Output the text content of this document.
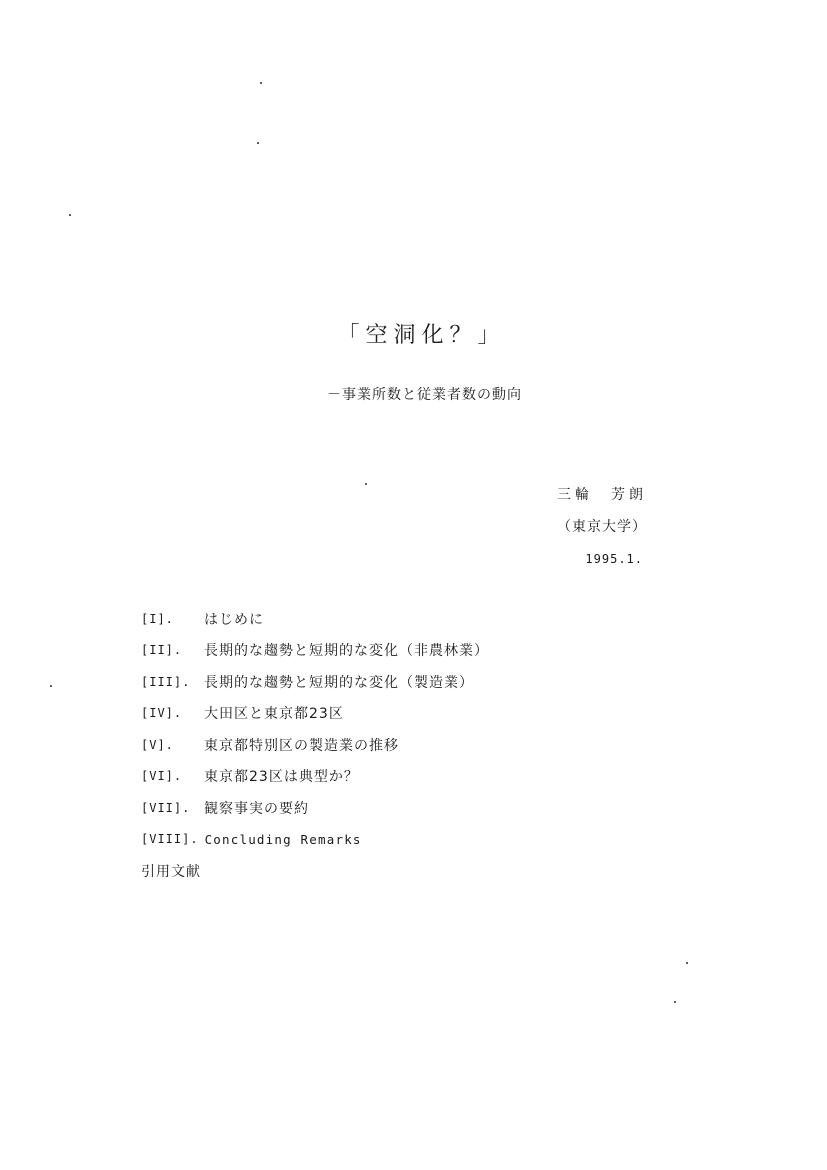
「空洞化？」
－事業所数と従業者数の動向
三輪　芳朗
（東京大学）
1995.1.
[I].	はじめに
[II].	長期的な趨勢と短期的な変化（非農林業）
[III]. 長期的な趨勢と短期的な変化（製造業）
[IV].	大田区と東京都23区
[V].	東京都特別区の製造業の推移
[VI].	東京都23区は典型か？
[VII]. 観察事実の要約
[VIII]. Concluding Remarks
引用文献
